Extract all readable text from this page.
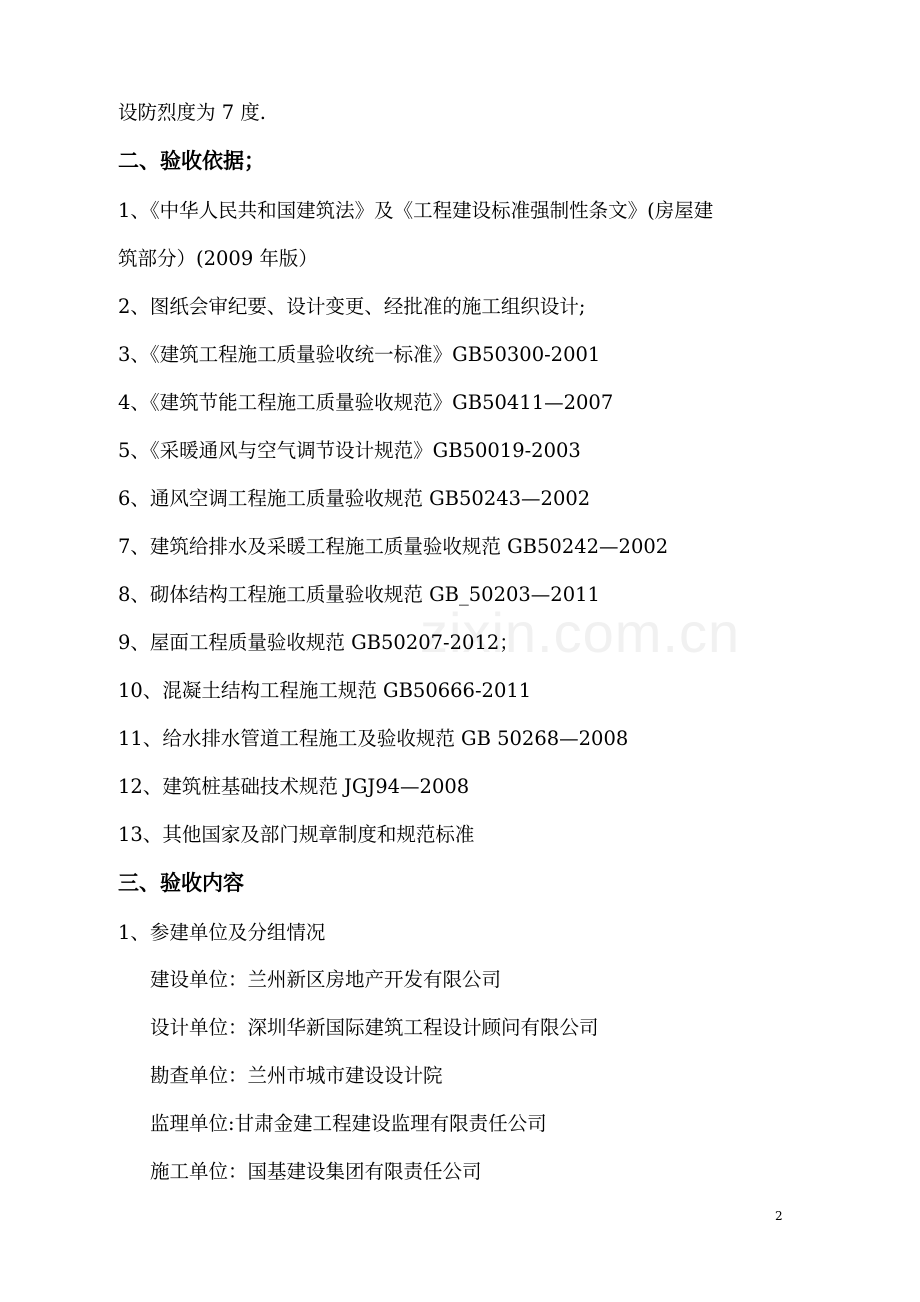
zixin.com.cn
设防烈度为 7 度.
二、验收依据；
1、《中华人民共和国建筑法》及《工程建设标准强制性条文》(房屋建
筑部分）(2009 年版）
2、图纸会审纪要、设计变更、经批准的施工组织设计;
3、《建筑工程施工质量验收统一标准》GB50300-2001
4、《建筑节能工程施工质量验收规范》GB50411—2007
5、《采暖通风与空气调节设计规范》GB50019-2003
6、通风空调工程施工质量验收规范 GB50243—2002
7、建筑给排水及采暖工程施工质量验收规范 GB50242—2002
8、砌体结构工程施工质量验收规范 GB_50203—2011
9、屋面工程质量验收规范 GB50207-2012；
10、混凝土结构工程施工规范 GB50666-2011
11、给水排水管道工程施工及验收规范 GB 50268—2008
12、建筑桩基础技术规范 JGJ94—2008
13、其他国家及部门规章制度和规范标准
三、验收内容
1、参建单位及分组情况
建设单位：兰州新区房地产开发有限公司
设计单位：深圳华新国际建筑工程设计顾问有限公司
勘查单位：兰州市城市建设设计院
监理单位:甘肃金建工程建设监理有限责任公司
施工单位：国基建设集团有限责任公司
2
